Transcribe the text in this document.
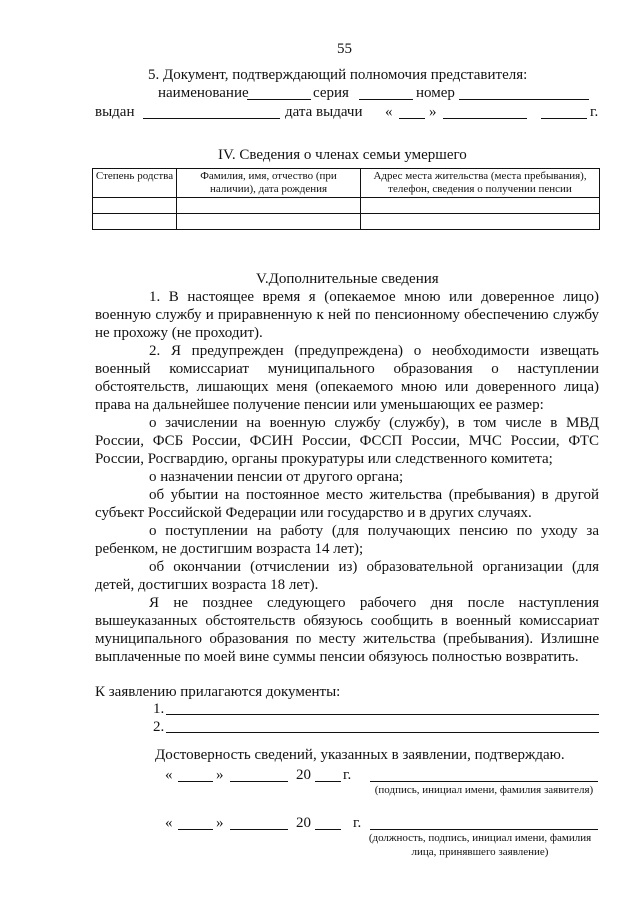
55
5. Документ, подтверждающий полномочия представителя:
наименование	серия	номер
выдан	дата выдачи « »	г.
IV. Сведения о членах семьи умершего
Степень родства	Фамилия, имя, отчество (при наличии), дата рождения	Адрес места жительства (места пребывания), телефон, сведения о получении пенсии

V.Дополнительные сведения
1. В настоящее время я (опекаемое мною или доверенное лицо) военную службу и приравненную к ней по пенсионному обеспечению службу не прохожу (не проходит).
2. Я предупрежден (предупреждена) о необходимости извещать военный комиссариат муниципального образования о наступлении обстоятельств, лишающих меня (опекаемого мною или доверенного лица) права на дальнейшее получение пенсии или уменьшающих ее размер:
о зачислении на военную службу (службу), в том числе в МВД России, ФСБ России, ФСИН России, ФССП России, МЧС России, ФТС России, Росгвардию, органы прокуратуры или следственного комитета;
о назначении пенсии от другого органа;
об убытии на постоянное место жительства (пребывания) в другой субъект Российской Федерации или государство и в других случаях.
о поступлении на работу (для получающих пенсию по уходу за ребенком, не достигшим возраста 14 лет);
об окончании (отчислении из) образовательной организации (для детей, достигших возраста 18 лет).
Я не позднее следующего рабочего дня после наступления вышеуказанных обстоятельств обязуюсь сообщить в военный комиссариат муниципального образования по месту жительства (пребывания). Излишне выплаченные по моей вине суммы пенсии обязуюсь полностью возвратить.
К заявлению прилагаются документы:
1.
2.
Достоверность сведений, указанных в заявлении, подтверждаю.
«	»	20 г.
(подпись, инициал имени, фамилия заявителя)
«	»	20	г.
(должность, подпись, инициал имени, фамилия лица, принявшего заявление)
